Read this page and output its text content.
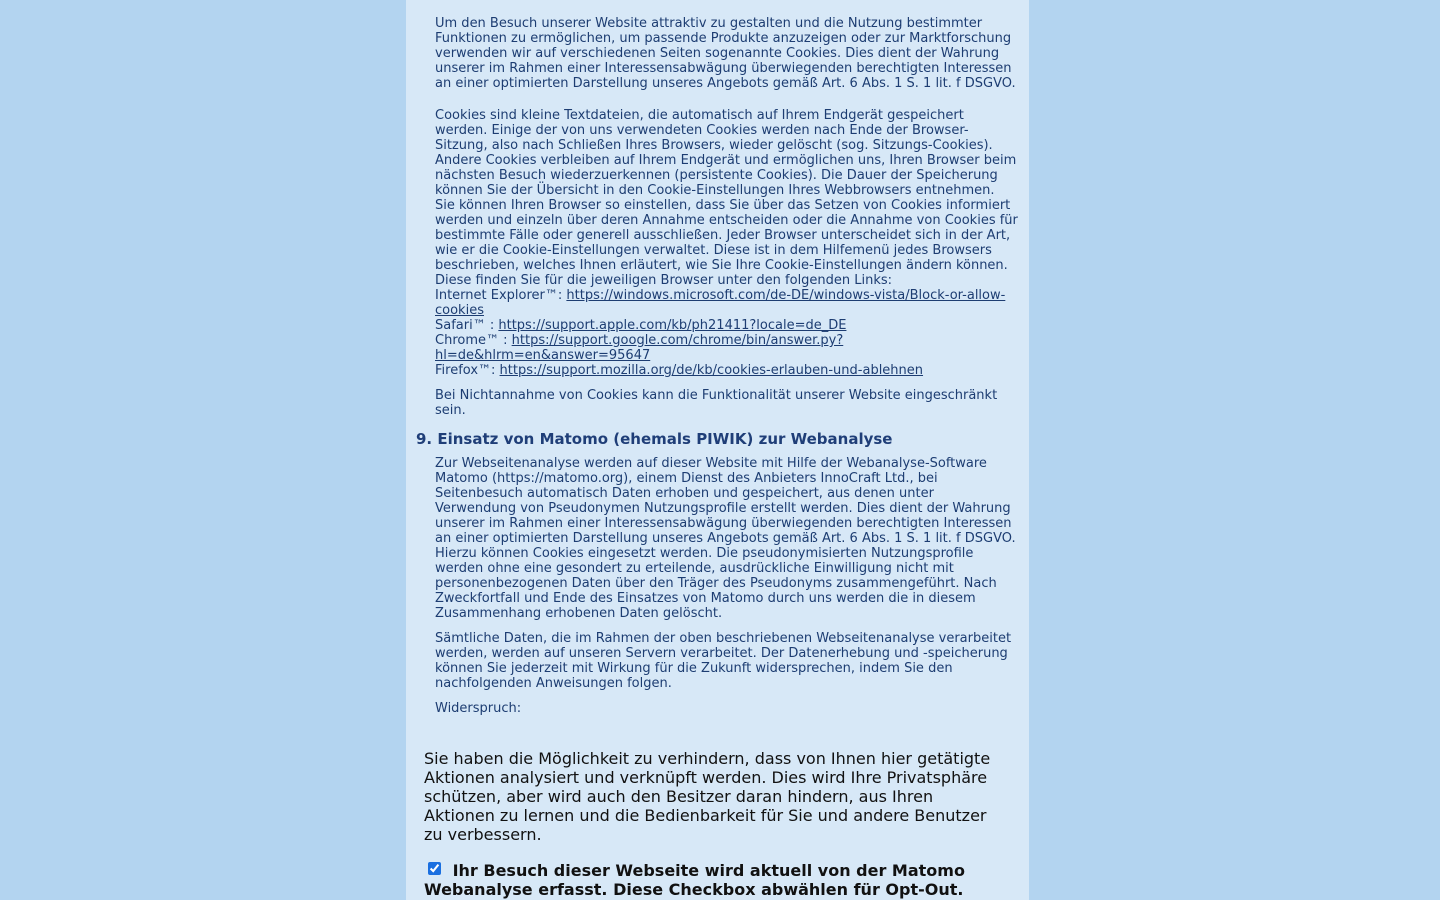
Um den Besuch unserer Website attraktiv zu gestalten und die Nutzung bestimmter
Funktionen zu ermöglichen, um passende Produkte anzuzeigen oder zur Marktforschung
verwenden wir auf verschiedenen Seiten sogenannte Cookies. Dies dient der Wahrung
unserer im Rahmen einer Interessensabwägung überwiegenden berechtigten Interessen
an einer optimierten Darstellung unseres Angebots gemäß Art. 6 Abs. 1 S. 1 lit. f DSGVO.

Cookies sind kleine Textdateien, die automatisch auf Ihrem Endgerät gespeichert
werden. Einige der von uns verwendeten Cookies werden nach Ende der Browser-
Sitzung, also nach Schließen Ihres Browsers, wieder gelöscht (sog. Sitzungs-Cookies).
Andere Cookies verbleiben auf Ihrem Endgerät und ermöglichen uns, Ihren Browser beim
nächsten Besuch wiederzuerkennen (persistente Cookies). Die Dauer der Speicherung
können Sie der Übersicht in den Cookie-Einstellungen Ihres Webbrowsers entnehmen.
Sie können Ihren Browser so einstellen, dass Sie über das Setzen von Cookies informiert
werden und einzeln über deren Annahme entscheiden oder die Annahme von Cookies für
bestimmte Fälle oder generell ausschließen. Jeder Browser unterscheidet sich in der Art,
wie er die Cookie-Einstellungen verwaltet. Diese ist in dem Hilfemenü jedes Browsers
beschrieben, welches Ihnen erläutert, wie Sie Ihre Cookie-Einstellungen ändern können.
Diese finden Sie für die jeweiligen Browser unter den folgenden Links:

Internet Explorer™: https://windows.microsoft.com/de-DE/windows-vista/Block-or-allow-cookies
Safari™ : https://support.apple.com/kb/ph21411?locale=de_DE
Chrome™ : https://support.google.com/chrome/bin/answer.py?hl=de&hlrm=en&answer=95647
Firefox™: https://support.mozilla.org/de/kb/cookies-erlauben-und-ablehnen

Bei Nichtannahme von Cookies kann die Funktionalität unserer Website eingeschränkt
sein.

9. Einsatz von Matomo (ehemals PIWIK) zur Webanalyse

Zur Webseitenanalyse werden auf dieser Website mit Hilfe der Webanalyse-Software
Matomo (https://matomo.org), einem Dienst des Anbieters InnoCraft Ltd., bei
Seitenbesuch automatisch Daten erhoben und gespeichert, aus denen unter
Verwendung von Pseudonymen Nutzungsprofile erstellt werden. Dies dient der Wahrung
unserer im Rahmen einer Interessensabwägung überwiegenden berechtigten Interessen
an einer optimierten Darstellung unseres Angebots gemäß Art. 6 Abs. 1 S. 1 lit. f DSGVO.
Hierzu können Cookies eingesetzt werden. Die pseudonymisierten Nutzungsprofile
werden ohne eine gesondert zu erteilende, ausdrückliche Einwilligung nicht mit
personenbezogenen Daten über den Träger des Pseudonyms zusammengeführt. Nach
Zweckfortfall und Ende des Einsatzes von Matomo durch uns werden die in diesem
Zusammenhang erhobenen Daten gelöscht.

Sämtliche Daten, die im Rahmen der oben beschriebenen Webseitenanalyse verarbeitet
werden, werden auf unseren Servern verarbeitet. Der Datenerhebung und -speicherung
können Sie jederzeit mit Wirkung für die Zukunft widersprechen, indem Sie den
nachfolgenden Anweisungen folgen.

Widerspruch:

Sie haben die Möglichkeit zu verhindern, dass von Ihnen hier getätigte
Aktionen analysiert und verknüpft werden. Dies wird Ihre Privatsphäre
schützen, aber wird auch den Besitzer daran hindern, aus Ihren
Aktionen zu lernen und die Bedienbarkeit für Sie und andere Benutzer
zu verbessern.

Ihr Besuch dieser Webseite wird aktuell von der Matomo Webanalyse erfasst. Diese Checkbox abwählen für Opt-Out.
